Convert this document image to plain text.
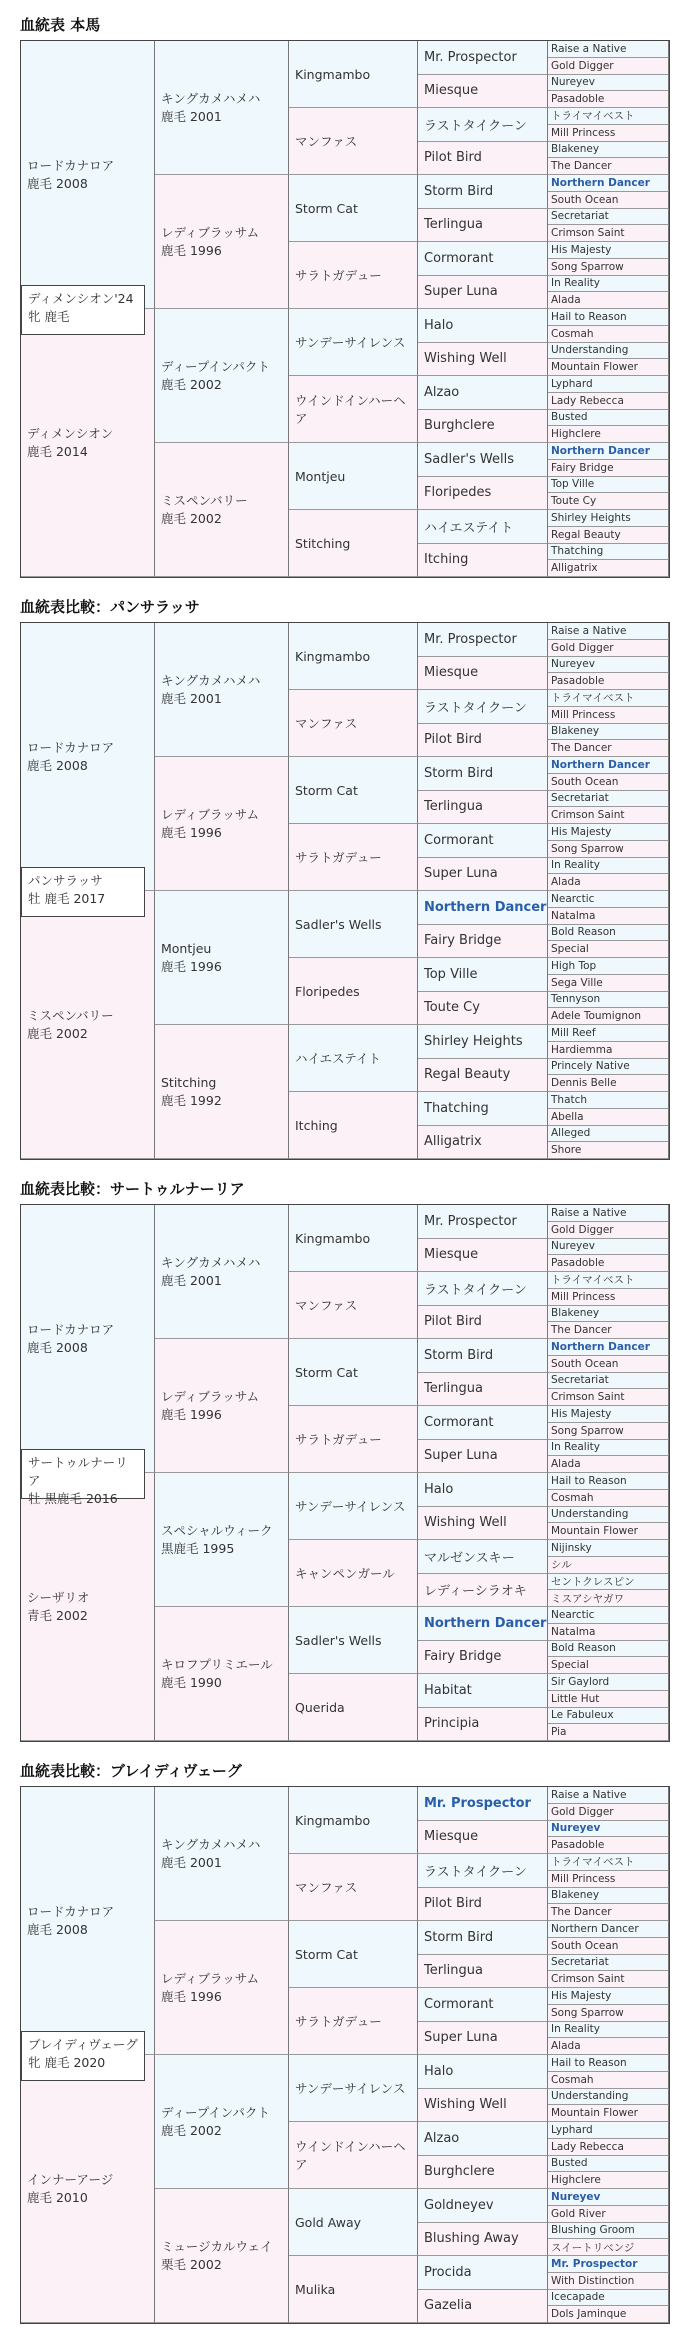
血統表 本馬
ロードカナロア
鹿毛 2008
ディメンシオン
鹿毛 2014
キングカメハメハ
鹿毛 2001
レディブラッサム
鹿毛 1996
ディープインパクト
鹿毛 2002
ミスペンバリー
鹿毛 2002
Kingmambo
マンファス
Storm Cat
サラトガデュー
サンデーサイレンス
ウインドインハーヘア
Montjeu
Stitching
Mr. Prospector
Miesque
ラストタイクーン
Pilot Bird
Storm Bird
Terlingua
Cormorant
Super Luna
Halo
Wishing Well
Alzao
Burghclere
Sadler's Wells
Floripedes
ハイエステイト
Itching
Raise a Native
Gold Digger
Nureyev
Pasadoble
トライマイベスト
Mill Princess
Blakeney
The Dancer
Northern Dancer
South Ocean
Secretariat
Crimson Saint
His Majesty
Song Sparrow
In Reality
Alada
Hail to Reason
Cosmah
Understanding
Mountain Flower
Lyphard
Lady Rebecca
Busted
Highclere
Northern Dancer
Fairy Bridge
Top Ville
Toute Cy
Shirley Heights
Regal Beauty
Thatching
Alligatrix
ディメンシオン'24
牝 鹿毛
血統表比較：パンサラッサ
ロードカナロア
鹿毛 2008
ミスペンバリー
鹿毛 2002
キングカメハメハ
鹿毛 2001
レディブラッサム
鹿毛 1996
Montjeu
鹿毛 1996
Stitching
鹿毛 1992
Kingmambo
マンファス
Storm Cat
サラトガデュー
Sadler's Wells
Floripedes
ハイエステイト
Itching
Mr. Prospector
Miesque
ラストタイクーン
Pilot Bird
Storm Bird
Terlingua
Cormorant
Super Luna
Northern Dancer
Fairy Bridge
Top Ville
Toute Cy
Shirley Heights
Regal Beauty
Thatching
Alligatrix
Raise a Native
Gold Digger
Nureyev
Pasadoble
トライマイベスト
Mill Princess
Blakeney
The Dancer
Northern Dancer
South Ocean
Secretariat
Crimson Saint
His Majesty
Song Sparrow
In Reality
Alada
Nearctic
Natalma
Bold Reason
Special
High Top
Sega Ville
Tennyson
Adele Toumignon
Mill Reef
Hardiemma
Princely Native
Dennis Belle
Thatch
Abella
Alleged
Shore
パンサラッサ
牡 鹿毛 2017
血統表比較：サートゥルナーリア
ロードカナロア
鹿毛 2008
シーザリオ
青毛 2002
キングカメハメハ
鹿毛 2001
レディブラッサム
鹿毛 1996
スペシャルウィーク
黒鹿毛 1995
キロフプリミエール
鹿毛 1990
Kingmambo
マンファス
Storm Cat
サラトガデュー
サンデーサイレンス
キャンペンガール
Sadler's Wells
Querida
Mr. Prospector
Miesque
ラストタイクーン
Pilot Bird
Storm Bird
Terlingua
Cormorant
Super Luna
Halo
Wishing Well
マルゼンスキー
レディーシラオキ
Northern Dancer
Fairy Bridge
Habitat
Principia
Raise a Native
Gold Digger
Nureyev
Pasadoble
トライマイベスト
Mill Princess
Blakeney
The Dancer
Northern Dancer
South Ocean
Secretariat
Crimson Saint
His Majesty
Song Sparrow
In Reality
Alada
Hail to Reason
Cosmah
Understanding
Mountain Flower
Nijinsky
シル
セントクレスピン
ミスアシヤガワ
Nearctic
Natalma
Bold Reason
Special
Sir Gaylord
Little Hut
Le Fabuleux
Pia
サートゥルナーリア
牡 黒鹿毛 2016
血統表比較：ブレイディヴェーグ
ロードカナロア
鹿毛 2008
インナーアージ
鹿毛 2010
キングカメハメハ
鹿毛 2001
レディブラッサム
鹿毛 1996
ディープインパクト
鹿毛 2002
ミュージカルウェイ
栗毛 2002
Kingmambo
マンファス
Storm Cat
サラトガデュー
サンデーサイレンス
ウインドインハーヘア
Gold Away
Mulika
Mr. Prospector
Miesque
ラストタイクーン
Pilot Bird
Storm Bird
Terlingua
Cormorant
Super Luna
Halo
Wishing Well
Alzao
Burghclere
Goldneyev
Blushing Away
Procida
Gazelia
Raise a Native
Gold Digger
Nureyev
Pasadoble
トライマイベスト
Mill Princess
Blakeney
The Dancer
Northern Dancer
South Ocean
Secretariat
Crimson Saint
His Majesty
Song Sparrow
In Reality
Alada
Hail to Reason
Cosmah
Understanding
Mountain Flower
Lyphard
Lady Rebecca
Busted
Highclere
Nureyev
Gold River
Blushing Groom
スイートリベンジ
Mr. Prospector
With Distinction
Icecapade
Dols Jaminque
ブレイディヴェーグ
牝 鹿毛 2020
